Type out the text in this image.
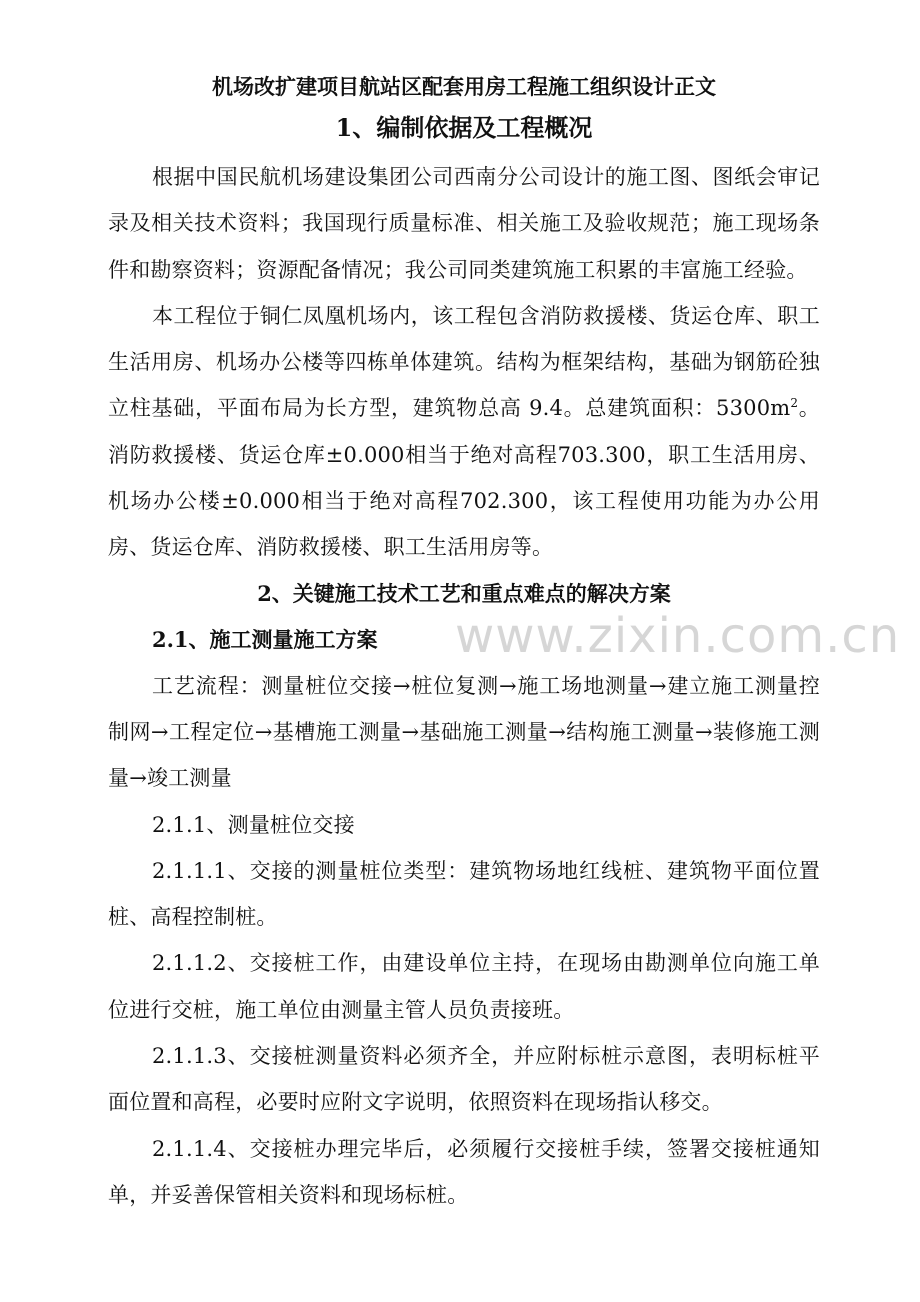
www.zixin.com.cn
机场改扩建项目航站区配套用房工程施工组织设计正文
1、编制依据及工程概况

根据中国民航机场建设集团公司西南分公司设计的施工图、图纸会审记录及相关技术资料；我国现行质量标准、相关施工及验收规范；施工现场条件和勘察资料；资源配备情况；我公司同类建筑施工积累的丰富施工经验。

本工程位于铜仁凤凰机场内，该工程包含消防救援楼、货运仓库、职工生活用房、机场办公楼等四栋单体建筑。结构为框架结构，基础为钢筋砼独立柱基础，平面布局为长方型，建筑物总高 9.4。总建筑面积：$5300m^2$。消防救援楼、货运仓库±0.000相当于绝对高程703.300，职工生活用房、机场办公楼±0.000相当于绝对高程702.300，该工程使用功能为办公用房、货运仓库、消防救援楼、职工生活用房等。

2、关键施工技术工艺和重点难点的解决方案
2.1、施工测量施工方案

工艺流程：测量桩位交接→桩位复测→施工场地测量→建立施工测量控制网→工程定位→基槽施工测量→基础施工测量→结构施工测量→装修施工测量→竣工测量

2.1.1、测量桩位交接

2.1.1.1、交接的测量桩位类型：建筑物场地红线桩、建筑物平面位置桩、高程控制桩。

2.1.1.2、交接桩工作，由建设单位主持，在现场由勘测单位向施工单位进行交桩，施工单位由测量主管人员负责接班。

2.1.1.3、交接桩测量资料必须齐全，并应附标桩示意图，表明标桩平面位置和高程，必要时应附文字说明，依照资料在现场指认移交。

2.1.1.4、交接桩办理完毕后，必须履行交接桩手续，签署交接桩通知单，并妥善保管相关资料和现场标桩。
